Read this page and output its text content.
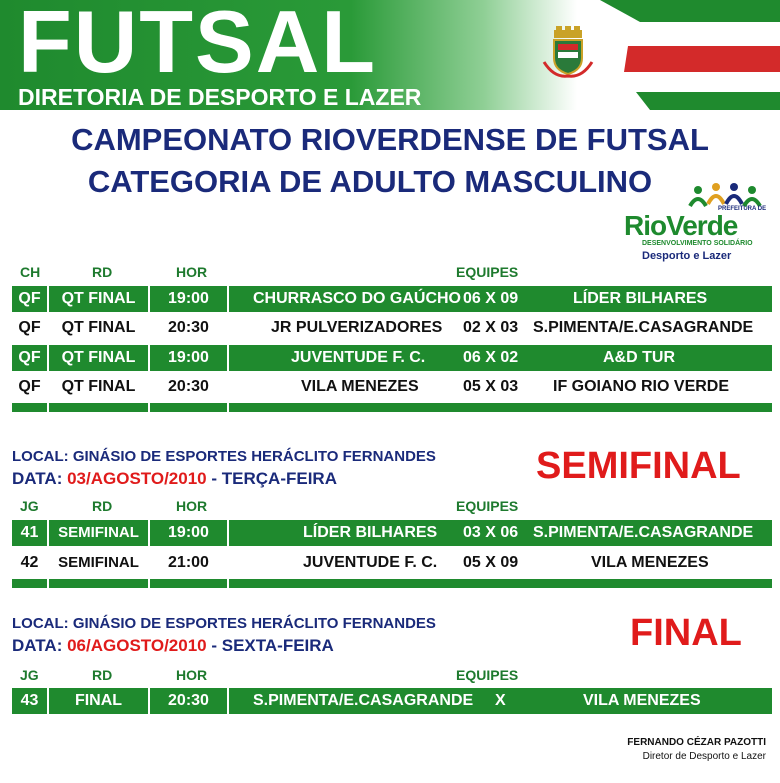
FUTSAL
DIRETORIA DE DESPORTO E LAZER
CAMPEONATO RIOVERDENSE DE FUTSAL
CATEGORIA DE ADULTO MASCULINO
PREFEITURA DE
RioVerde
DESENVOLVIMENTO SOLIDÁRIO
Desporto e Lazer
CH	RD	HOR	EQUIPES
QF	QT FINAL	19:00	CHURRASCO DO GAÚCHO 06 X 09	LÍDER BILHARES
QF	QT FINAL	20:30	JR PULVERIZADORES 02 X 03 S.PIMENTA/E.CASAGRANDE
QF	QT FINAL	19:00	JUVENTUDE F. C. 06 X 02	A&D TUR
QF	QT FINAL	20:30	VILA MENEZES	05 X 03 IF GOIANO RIO VERDE
LOCAL: GINÁSIO DE ESPORTES HERÁCLITO FERNANDES
DATA: 03/AGOSTO/2010 - TERÇA-FEIRA	SEMIFINAL
JG	RD	HOR	EQUIPES
41	SEMIFINAL	19:00	LÍDER BILHARES 03 X 06 S.PIMENTA/E.CASAGRANDE
42	SEMIFINAL	21:00	JUVENTUDE F. C. 05 X 09	VILA MENEZES
LOCAL: GINÁSIO DE ESPORTES HERÁCLITO FERNANDES
DATA: 06/AGOSTO/2010 - SEXTA-FEIRA	FINAL
JG	RD	HOR	EQUIPES
43	FINAL	20:30	S.PIMENTA/E.CASAGRANDE X	VILA MENEZES
FERNANDO CÉZAR PAZOTTI
Diretor de Desporto e Lazer
